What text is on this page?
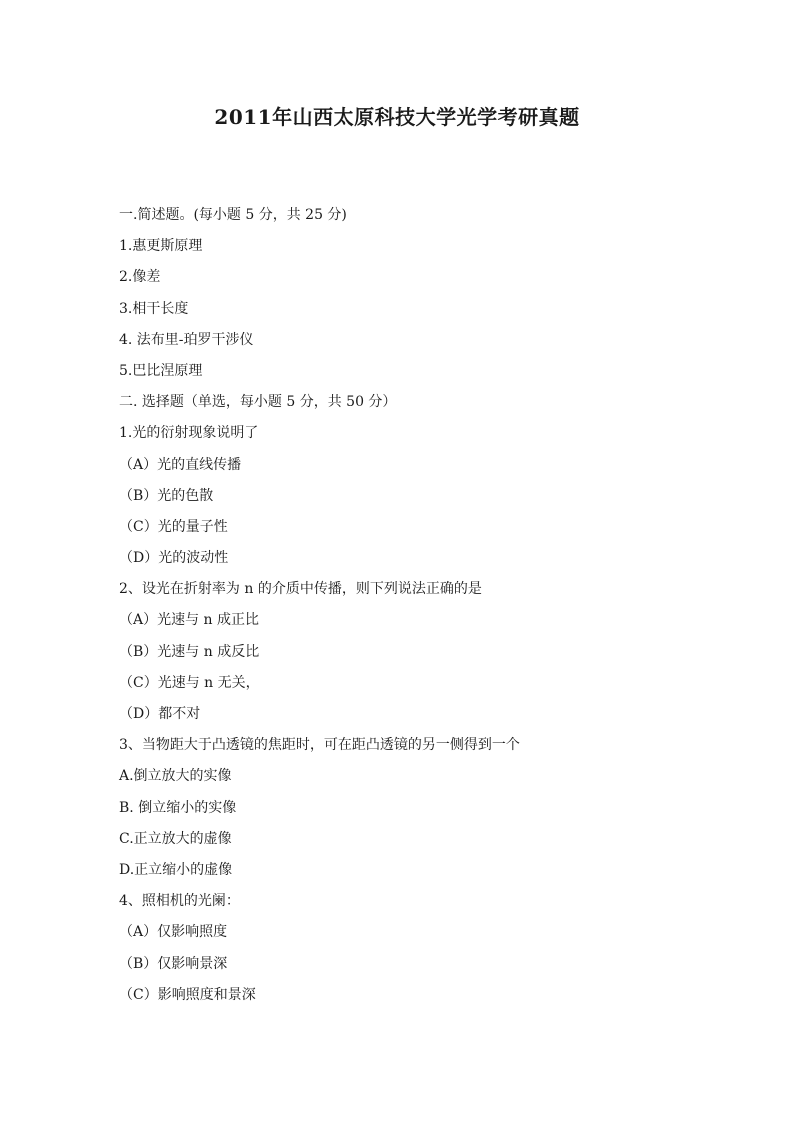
2011年山西太原科技大学光学考研真题
一.简述题。(每小题 5 分，共 25 分)
1.惠更斯原理
2.像差
3.相干长度
4. 法布里-珀罗干涉仪
5.巴比涅原理
二. 选择题（单选，每小题 5 分，共 50 分）
1.光的衍射现象说明了
（A）光的直线传播
（B）光的色散
（C）光的量子性
（D）光的波动性
2、设光在折射率为 n 的介质中传播，则下列说法正确的是
（A）光速与 n 成正比
（B）光速与 n 成反比
（C）光速与 n 无关，
（D）都不对
3、当物距大于凸透镜的焦距时，可在距凸透镜的另一侧得到一个
A.倒立放大的实像
B. 倒立缩小的实像
C.正立放大的虚像
D.正立缩小的虚像
4、照相机的光阑：
（A）仅影响照度
（B）仅影响景深
（C）影响照度和景深
